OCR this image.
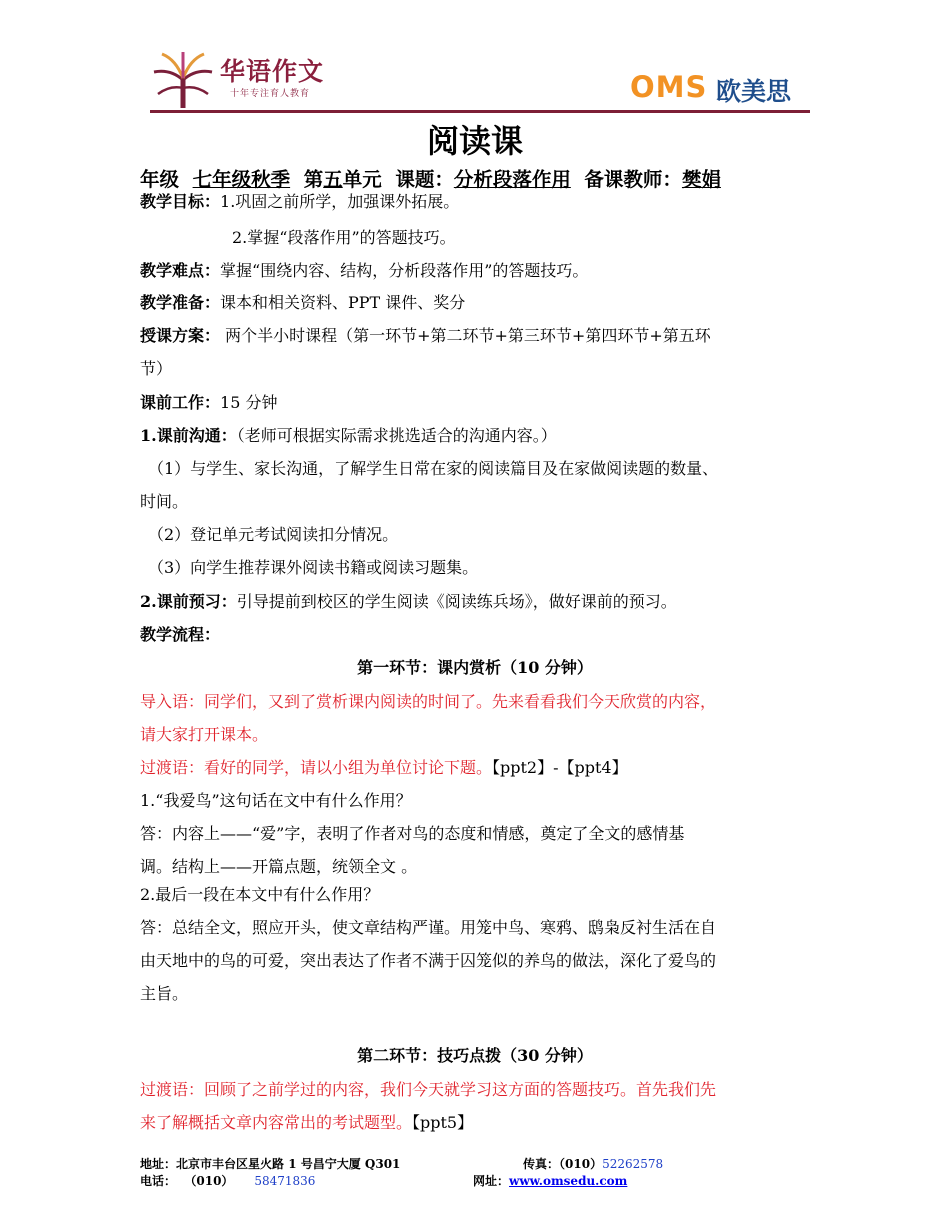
华语作文
十年专注育人教育	OMS 欧美思
阅读课
年级 七年级秋季 第五单元 课题：分析段落作用 备课教师：樊娟
教学目标：1.巩固之前所学，加强课外拓展。
2.掌握“段落作用”的答题技巧。
教学难点：掌握“围绕内容、结构，分析段落作用”的答题技巧。
教学准备：课本和相关资料、PPT 课件、奖分
授课方案： 两个半小时课程（第一环节+第二环节+第三环节+第四环节+第五环
节）
课前工作：15 分钟
1.课前沟通：（老师可根据实际需求挑选适合的沟通内容。）
（1）与学生、家长沟通，了解学生日常在家的阅读篇目及在家做阅读题的数量、
时间。
（2）登记单元考试阅读扣分情况。
（3）向学生推荐课外阅读书籍或阅读习题集。
2.课前预习：引导提前到校区的学生阅读《阅读练兵场》，做好课前的预习。
教学流程：
第一环节：课内赏析（10 分钟）
导入语：同学们，又到了赏析课内阅读的时间了。先来看看我们今天欣赏的内容，
请大家打开课本。
过渡语：看好的同学，请以小组为单位讨论下题。【ppt2】-【ppt4】
1.“我爱鸟”这句话在文中有什么作用？
答：内容上——“爱”字，表明了作者对鸟的态度和情感，奠定了全文的感情基
调。结构上——开篇点题，统领全文 。
2.最后一段在本文中有什么作用？
答：总结全文，照应开头，使文章结构严谨。用笼中鸟、寒鸦、鸱枭反衬生活在自
由天地中的鸟的可爱，突出表达了作者不满于囚笼似的养鸟的做法，深化了爱鸟的
主旨。
第二环节：技巧点拨（30 分钟）
过渡语：回顾了之前学过的内容，我们今天就学习这方面的答题技巧。首先我们先
来了解概括文章内容常出的考试题型。【ppt5】
地址：北京市丰台区星火路 1 号昌宁大厦 Q301	传真：（010）52262578
电话： （010） 58471836	网址：www.omsedu.com
